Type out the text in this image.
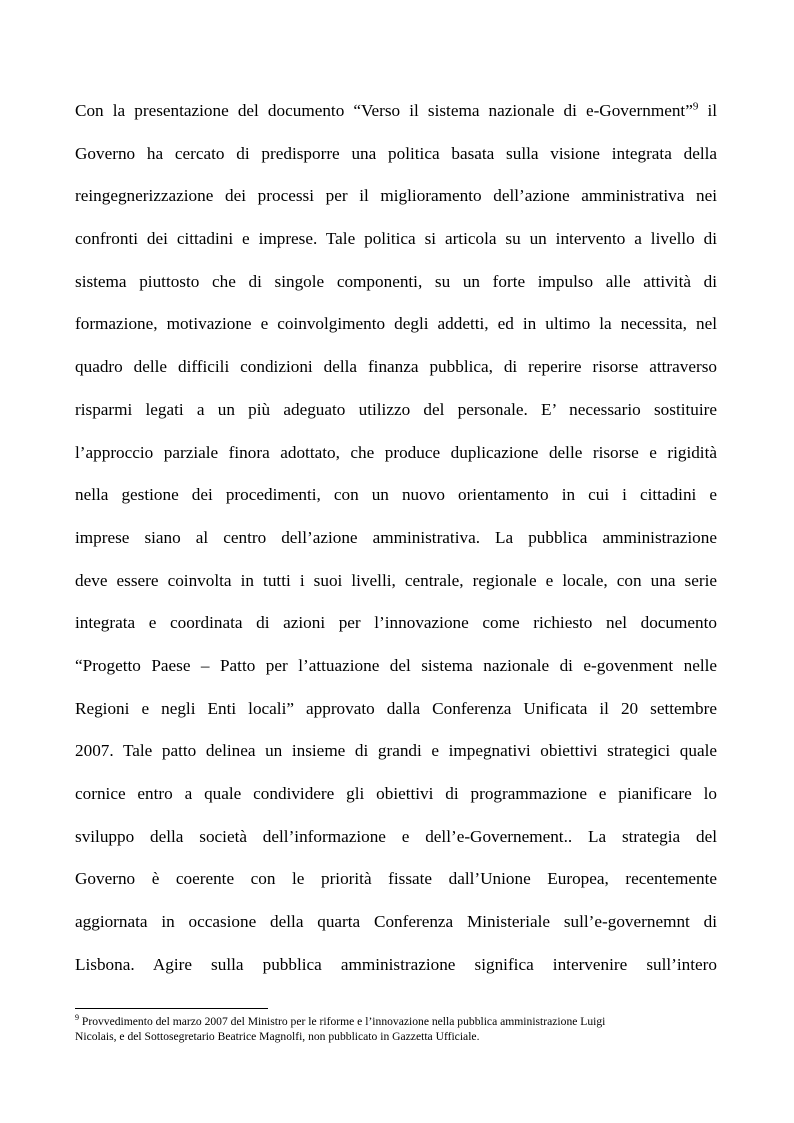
Con la presentazione del documento “Verso il sistema nazionale di e-Government”$^9$ il
Governo ha cercato di predisporre una politica basata sulla visione integrata della
reingegnerizzazione dei processi per il miglioramento dell’azione amministrativa nei
confronti dei cittadini e imprese. Tale politica si articola su un intervento a livello di
sistema piuttosto che di singole componenti, su un forte impulso alle attività di
formazione, motivazione e coinvolgimento degli addetti, ed in ultimo la necessita, nel
quadro delle difficili condizioni della finanza pubblica, di reperire risorse attraverso
risparmi legati a un più adeguato utilizzo del personale. E’ necessario sostituire
l’approccio parziale finora adottato, che produce duplicazione delle risorse e rigidità
nella gestione dei procedimenti, con un nuovo orientamento in cui i cittadini e
imprese siano al centro dell’azione amministrativa. La pubblica amministrazione
deve essere coinvolta in tutti i suoi livelli, centrale, regionale e locale, con una serie
integrata e coordinata di azioni per l’innovazione come richiesto nel documento
“Progetto Paese – Patto per l’attuazione del sistema nazionale di e-govenment nelle
Regioni e negli Enti locali” approvato dalla Conferenza Unificata il 20 settembre
2007. Tale patto delinea un insieme di grandi e impegnativi obiettivi strategici quale
cornice entro a quale condividere gli obiettivi di programmazione e pianificare lo
sviluppo della società dell’informazione e dell’e-Governement.. La strategia del
Governo è coerente con le priorità fissate dall’Unione Europea, recentemente
aggiornata in occasione della quarta Conferenza Ministeriale sull’e-governemnt di
Lisbona. Agire sulla pubblica amministrazione significa intervenire sull’intero
$^9$ Provvedimento del marzo 2007 del Ministro per le riforme e l’innovazione nella pubblica amministrazione Luigi
Nicolais, e del Sottosegretario Beatrice Magnolfi, non pubblicato in Gazzetta Ufficiale.
